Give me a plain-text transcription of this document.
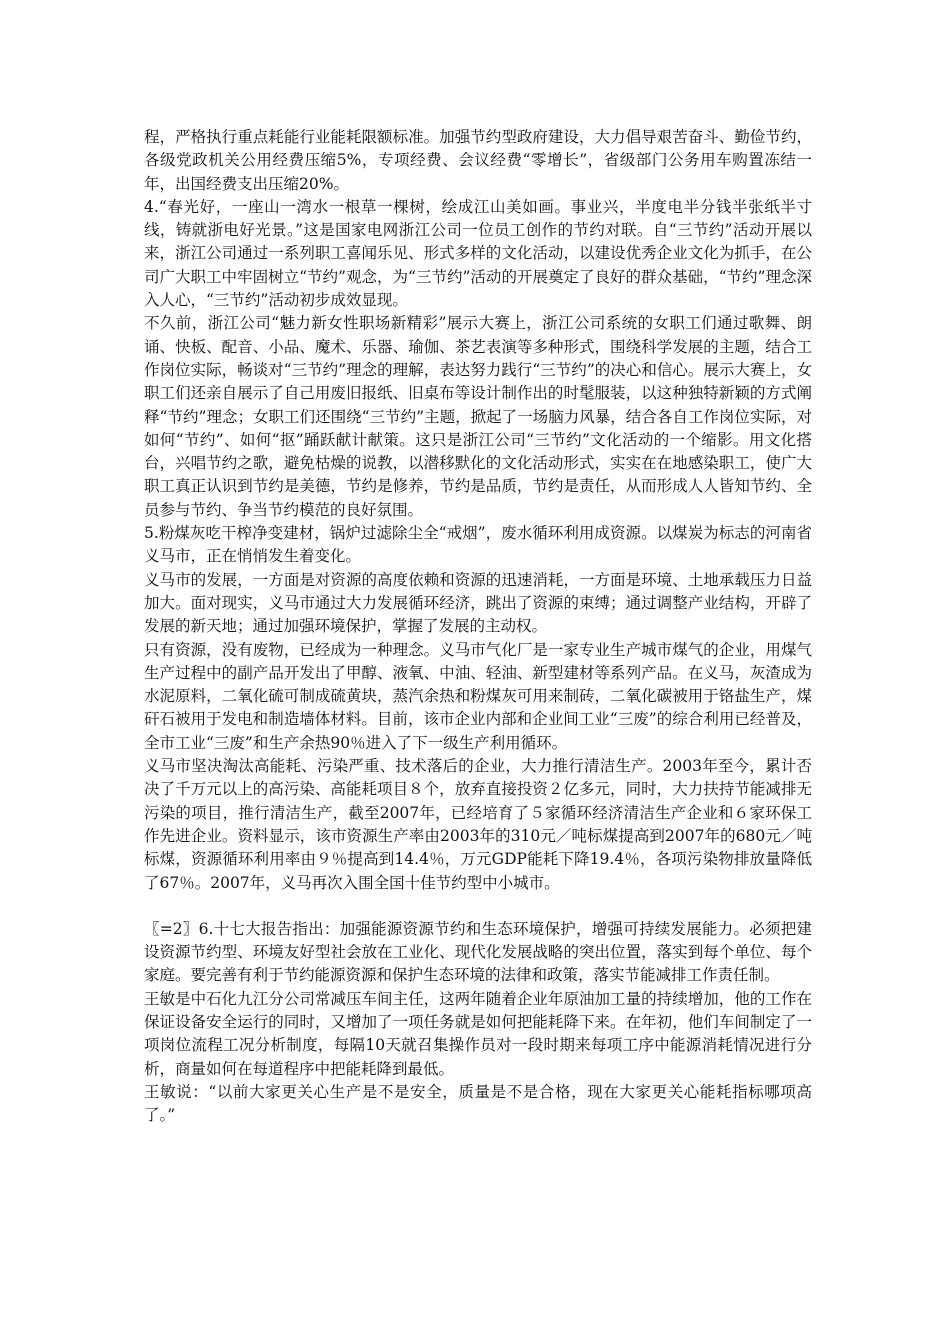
程，严格执行重点耗能行业能耗限额标准。加强节约型政府建设，大力倡导艰苦奋斗、勤俭节约，各级党政机关公用经费压缩5%，专项经费、会议经费“零增长”，省级部门公务用车购置冻结一年，出国经费支出压缩20%。

4.“春光好，一座山一湾水一根草一棵树，绘成江山美如画。事业兴，半度电半分钱半张纸半寸线，铸就浙电好光景。”这是国家电网浙江公司一位员工创作的节约对联。自“三节约”活动开展以来，浙江公司通过一系列职工喜闻乐见、形式多样的文化活动，以建设优秀企业文化为抓手，在公司广大职工中牢固树立“节约”观念，为“三节约”活动的开展奠定了良好的群众基础，“节约”理念深入人心，“三节约”活动初步成效显现。

不久前，浙江公司“魅力新女性职场新精彩”展示大赛上，浙江公司系统的女职工们通过歌舞、朗诵、快板、配音、小品、魔术、乐器、瑜伽、茶艺表演等多种形式，围绕科学发展的主题，结合工作岗位实际，畅谈对“三节约”理念的理解，表达努力践行“三节约”的决心和信心。展示大赛上，女职工们还亲自展示了自己用废旧报纸、旧桌布等设计制作出的时髦服装，以这种独特新颖的方式阐释“节约”理念；女职工们还围绕“三节约”主题，掀起了一场脑力风暴，结合各自工作岗位实际，对如何“节约”、如何“抠”踊跃献计献策。这只是浙江公司“三节约”文化活动的一个缩影。用文化搭台，兴唱节约之歌，避免枯燥的说教，以潜移默化的文化活动形式，实实在在地感染职工，使广大职工真正认识到节约是美德，节约是修养，节约是品质，节约是责任，从而形成人人皆知节约、全员参与节约、争当节约模范的良好氛围。

5.粉煤灰吃干榨净变建材，锅炉过滤除尘全“戒烟”，废水循环利用成资源。以煤炭为标志的河南省义马市，正在悄悄发生着变化。

义马市的发展，一方面是对资源的高度依赖和资源的迅速消耗，一方面是环境、土地承载压力日益加大。面对现实，义马市通过大力发展循环经济，跳出了资源的束缚；通过调整产业结构，开辟了发展的新天地；通过加强环境保护，掌握了发展的主动权。

只有资源，没有废物，已经成为一种理念。义马市气化厂是一家专业生产城市煤气的企业，用煤气生产过程中的副产品开发出了甲醇、液氧、中油、轻油、新型建材等系列产品。在义马，灰渣成为水泥原料，二氧化硫可制成硫黄块，蒸汽余热和粉煤灰可用来制砖，二氧化碳被用于铬盐生产，煤矸石被用于发电和制造墙体材料。目前，该市企业内部和企业间工业“三废”的综合利用已经普及，全市工业“三废”和生产余热90％进入了下一级生产利用循环。

义马市坚决淘汰高能耗、污染严重、技术落后的企业，大力推行清洁生产。2003年至今，累计否决了千万元以上的高污染、高能耗项目８个，放弃直接投资２亿多元，同时，大力扶持节能减排无污染的项目，推行清洁生产，截至2007年，已经培育了５家循环经济清洁生产企业和６家环保工作先进企业。资料显示，该市资源生产率由2003年的310元／吨标煤提高到2007年的680元／吨标煤，资源循环利用率由９％提高到14.4％，万元GDP能耗下降19.4％，各项污染物排放量降低了67％。2007年，义马再次入围全国十佳节约型中小城市。

〖=2〗6.十七大报告指出：加强能源资源节约和生态环境保护，增强可持续发展能力。必须把建设资源节约型、环境友好型社会放在工业化、现代化发展战略的突出位置，落实到每个单位、每个家庭。要完善有利于节约能源资源和保护生态环境的法律和政策，落实节能减排工作责任制。

王敏是中石化九江分公司常减压车间主任，这两年随着企业年原油加工量的持续增加，他的工作在保证设备安全运行的同时，又增加了一项任务就是如何把能耗降下来。在年初，他们车间制定了一项岗位流程工况分析制度，每隔10天就召集操作员对一段时期来每项工序中能源消耗情况进行分析，商量如何在每道程序中把能耗降到最低。

王敏说：“以前大家更关心生产是不是安全，质量是不是合格，现在大家更关心能耗指标哪项高了。”
